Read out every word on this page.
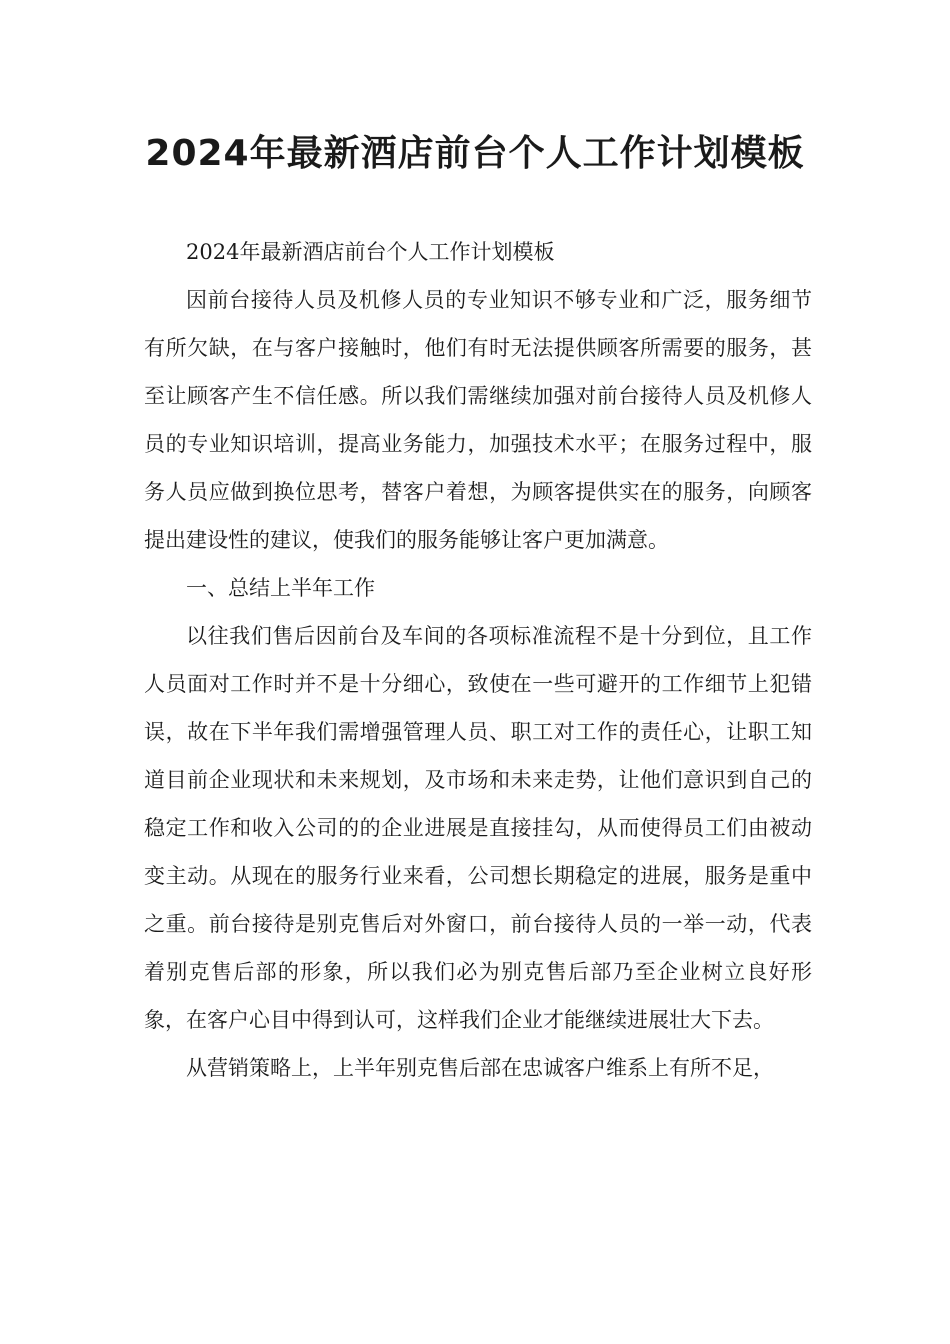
2024年最新酒店前台个人工作计划模板

2024年最新酒店前台个人工作计划模板

因前台接待人员及机修人员的专业知识不够专业和广泛，服务细节有所欠缺，在与客户接触时，他们有时无法提供顾客所需要的服务，甚至让顾客产生不信任感。所以我们需继续加强对前台接待人员及机修人员的专业知识培训，提高业务能力，加强技术水平；在服务过程中，服务人员应做到换位思考，替客户着想，为顾客提供实在的服务，向顾客提出建设性的建议，使我们的服务能够让客户更加满意。

一、总结上半年工作

以往我们售后因前台及车间的各项标准流程不是十分到位，且工作人员面对工作时并不是十分细心，致使在一些可避开的工作细节上犯错误，故在下半年我们需增强管理人员、职工对工作的责任心，让职工知道目前企业现状和未来规划，及市场和未来走势，让他们意识到自己的稳定工作和收入公司的的企业进展是直接挂勾，从而使得员工们由被动变主动。从现在的服务行业来看，公司想长期稳定的进展，服务是重中之重。前台接待是别克售后对外窗口，前台接待人员的一举一动，代表着别克售后部的形象，所以我们必为别克售后部乃至企业树立良好形象，在客户心目中得到认可，这样我们企业才能继续进展壮大下去。

从营销策略上，上半年别克售后部在忠诚客户维系上有所不足，
